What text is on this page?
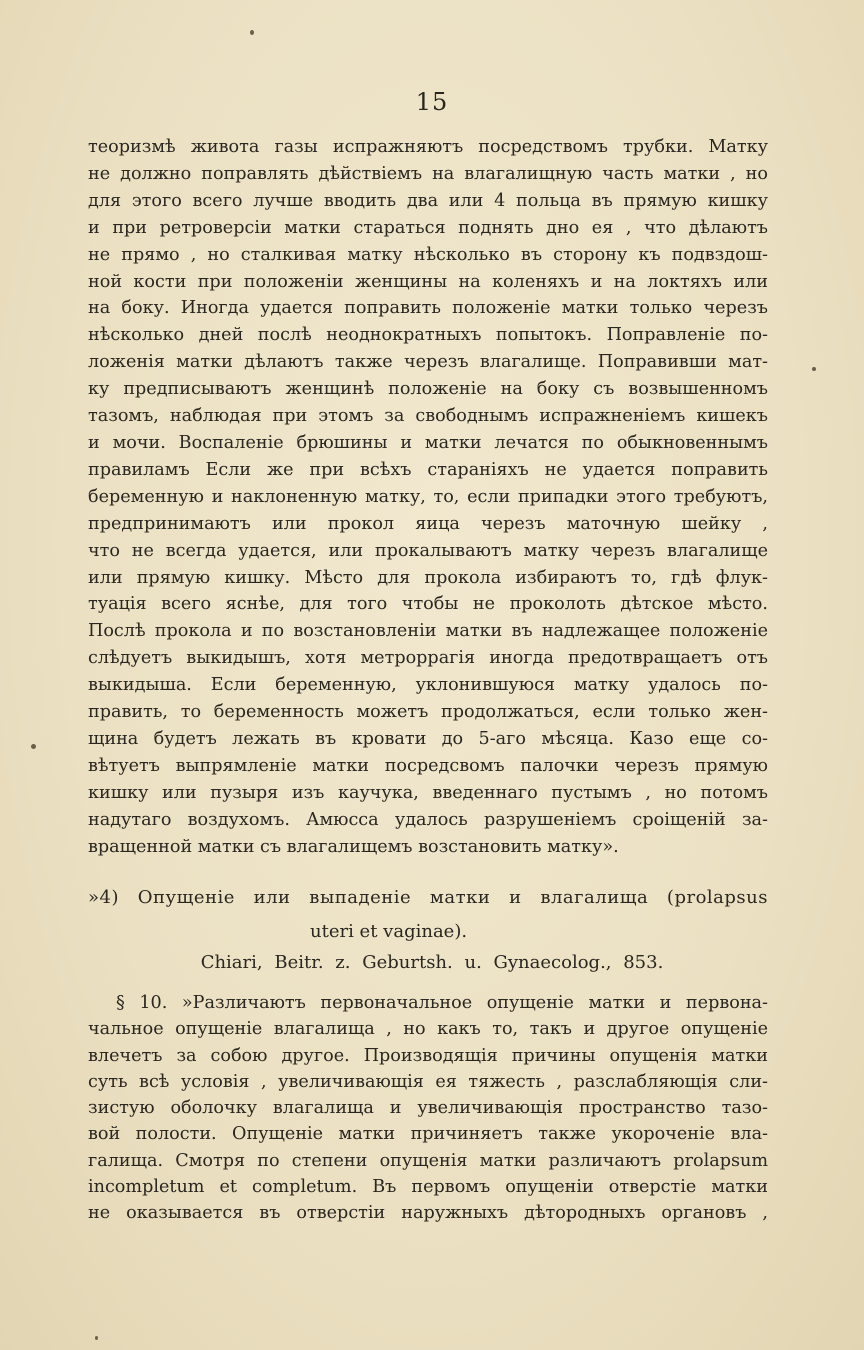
15
теоризмѣ живота газы испражняютъ посредствомъ трубки. Матку
не должно поправлять дѣйствіемъ на влагалищную часть матки , но
для этого всего лучше вводить два или 4 польца въ прямую кишку
и при ретроверсіи матки стараться поднять дно ея , что дѣлаютъ
не прямо , но сталкивая матку нѣсколько въ сторону къ подвздош-
ной кости при положеніи женщины на коленяхъ и на локтяхъ или
на боку. Иногда удается поправить положеніе матки только черезъ
нѣсколько дней послѣ неоднократныхъ попытокъ. Поправленіе по-
ложенія матки дѣлаютъ также черезъ влагалище. Поправивши мат-
ку предписываютъ женщинѣ положеніе на боку съ возвышенномъ
тазомъ, наблюдая при этомъ за свободнымъ испражненіемъ кишекъ
и мочи. Воспаленіе брюшины и матки лечатся по обыкновеннымъ
правиламъ Если же при всѣхъ стараніяхъ не удается поправить
беременную и наклоненную матку, то, если припадки этого требуютъ,
предпринимаютъ или прокол яица черезъ маточную шейку ,
что не всегда удается, или прокалываютъ матку черезъ влагалище
или прямую кишку. Мѣсто для прокола избираютъ то, гдѣ флук-
туація всего яснѣе, для того чтобы не проколоть дѣтское мѣсто.
Послѣ прокола и по возстановленіи матки въ надлежащее положеніе
слѣдуетъ выкидышъ, хотя метроррагія иногда предотвращаетъ отъ
выкидыша. Если беременную, уклонившуюся матку удалось по-
править, то беременность можетъ продолжаться, если только жен-
щина будетъ лежать въ кровати до 5-аго мѣсяца. Казо еще со-
вѣтуетъ выпрямленіе матки посредсвомъ палочки черезъ прямую
кишку или пузыря изъ каучука, введеннаго пустымъ , но потомъ
надутаго воздухомъ. Амюсса удалось разрушеніемъ сроіщеній за-
вращенной матки съ влагалищемъ возстановить матку».
»4) Опущеніе или выпаденіе матки и влагалища (prolapsus
uteri et vaginae).
Chiari, Beitr. z. Geburtsh. u. Gynaecolog., 853.
§ 10. »Различаютъ первоначальное опущеніе матки и первона-
чальное опущеніе влагалища , но какъ то, такъ и другое опущеніе
влечетъ за собою другое. Производящія причины опущенія матки
суть всѣ условія , увеличивающія ея тяжесть , разслабляющія сли-
зистую оболочку влагалища и увеличивающія пространство тазо-
вой полости. Опущеніе матки причиняетъ также укороченіе вла-
галища. Смотря по степени опущенія матки различаютъ prolapsum
incompletum et completum. Въ первомъ опущеніи отверстіе матки
не оказывается въ отверстіи наружныхъ дѣтородныхъ органовъ ,
